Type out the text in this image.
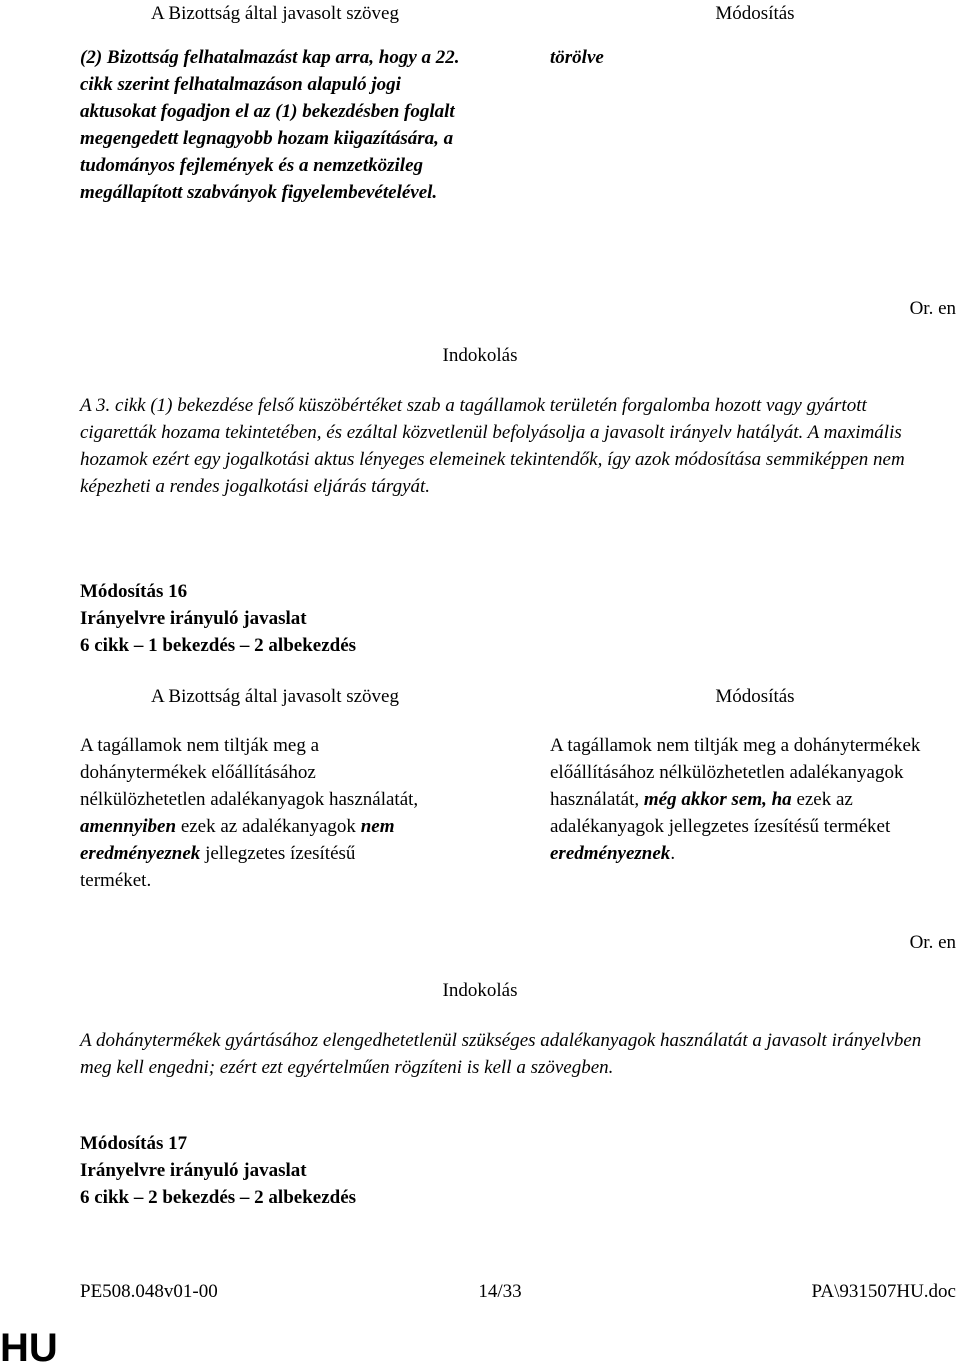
A Bizottság által javasolt szöveg	Módosítás

(2) Bizottság felhatalmazást kap arra, hogy a 22. cikk szerint felhatalmazáson alapuló jogi aktusokat fogadjon el az (1) bekezdésben foglalt megengedett legnagyobb hozam kiigazítására, a tudományos fejlemények és a nemzetközileg megállapított szabványok figyelembevételével.

törölve

Or. en
Indokolás

A 3. cikk (1) bekezdése felső küszöbértéket szab a tagállamok területén forgalomba hozott vagy gyártott cigaretták hozama tekintetében, és ezáltal közvetlenül befolyásolja a javasolt irányelv hatályát. A maximális hozamok ezért egy jogalkotási aktus lényeges elemeinek tekintendők, így azok módosítása semmiképpen nem képezheti a rendes jogalkotási eljárás tárgyát.

Módosítás 16
Irányelvre irányuló javaslat
6 cikk – 1 bekezdés – 2 albekezdés
A Bizottság által javasolt szöveg	Módosítás

A tagállamok nem tiltják meg a dohánytermékek előállításához nélkülözhetetlen adalékanyagok használatát, amennyiben ezek az adalékanyagok nem eredményeznek jellegzetes ízesítésű terméket.

A tagállamok nem tiltják meg a dohánytermékek előállításához nélkülözhetetlen adalékanyagok használatát, még akkor sem, ha ezek az adalékanyagok jellegzetes ízesítésű terméket eredményeznek.

Or. en
Indokolás

A dohánytermékek gyártásához elengedhetetlenül szükséges adalékanyagok használatát a javasolt irányelvben meg kell engedni; ezért ezt egyértelműen rögzíteni is kell a szövegben.

Módosítás 17
Irányelvre irányuló javaslat
6 cikk – 2 bekezdés – 2 albekezdés
PE508.048v01-00	14/33	PA\931507HU.doc
HU
